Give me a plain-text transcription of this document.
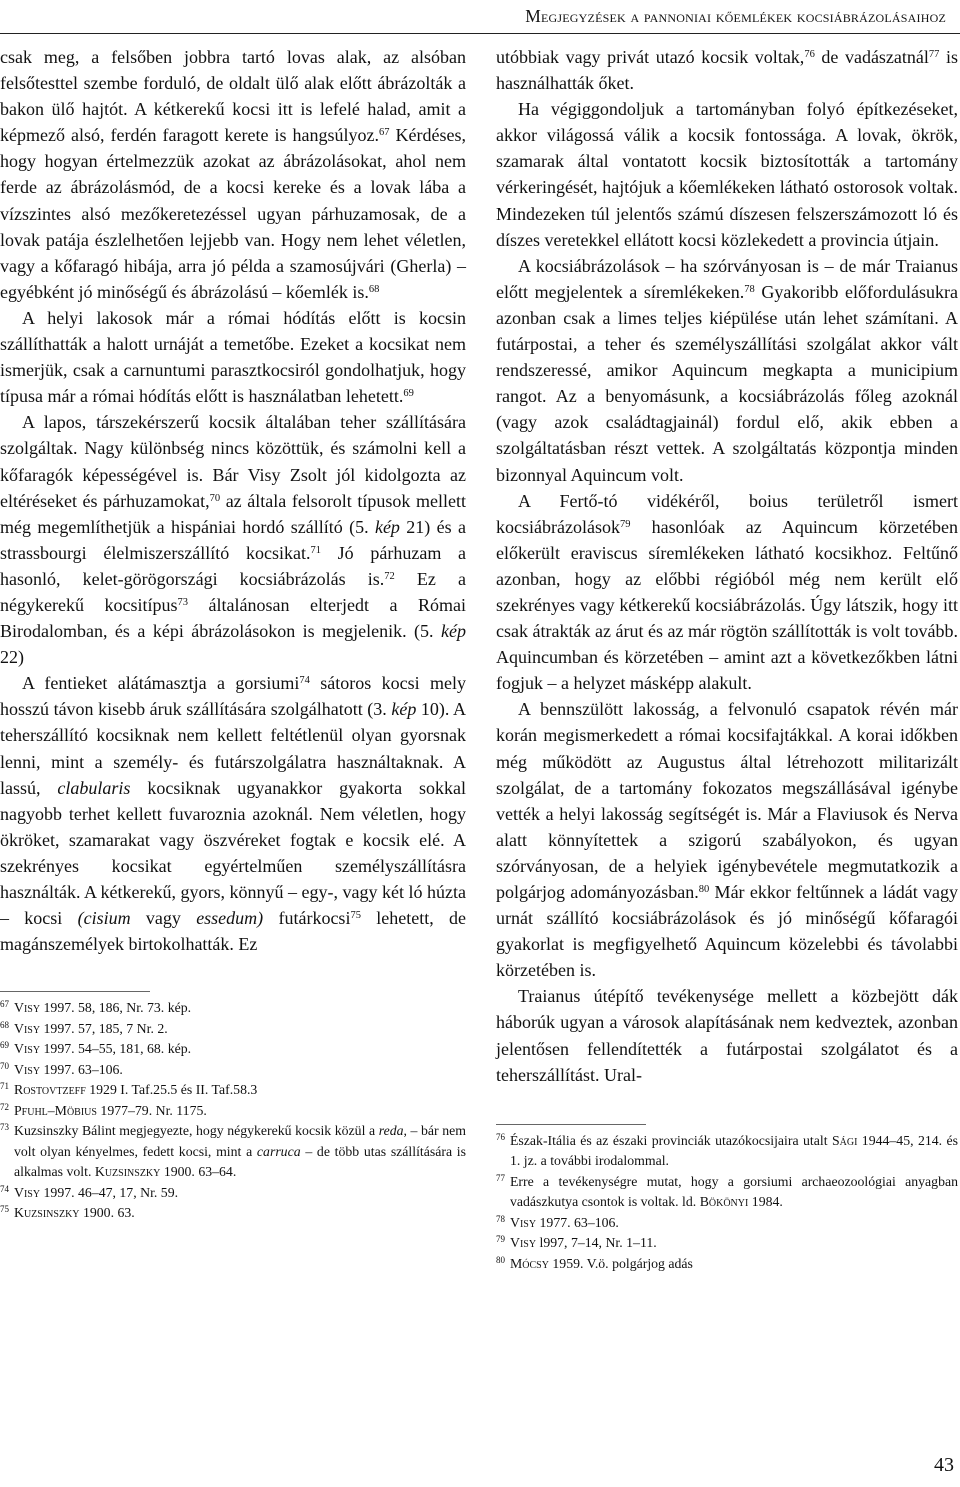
Megjegyzések a pannoniai kőemlékek kocsiábrázolásaihoz

csak meg, a felsőben jobbra tartó lovas alak, az alsóban felsőtesttel szembe forduló, de oldalt ülő alak előtt ábrázolták a bakon ülő hajtót. A kétkerekű kocsi itt is lefelé halad, amit a képmező alsó, ferdén faragott kerete is hangsúlyoz.$^{67}$ Kérdéses, hogy hogyan értelmezzük azokat az ábrázolásokat, ahol nem ferde az ábrázolásmód, de a kocsi kereke és a lovak lába a vízszintes alsó mezőkeretezéssel ugyan párhuzamosak, de a lovak patája észlelhetően lejjebb van. Hogy nem lehet véletlen, vagy a kőfaragó hibája, arra jó példa a szamosújvári (Gherla) – egyébként jó minőségű és ábrázolású – kőemlék is.$^{68}$

A helyi lakosok már a római hódítás előtt is kocsin szállíthatták a halott urnáját a temetőbe. Ezeket a kocsikat nem ismerjük, csak a carnuntumi parasztkocsiról gondolhatjuk, hogy típusa már a római hódítás előtt is használatban lehetett.$^{69}$

A lapos, társzekérszerű kocsik általában teher szállítására szolgáltak. Nagy különbség nincs közöttük, és számolni kell a kőfaragók képességével is. Bár Visy Zsolt jól kidolgozta az eltéréseket és párhuzamokat,$^{70}$ az általa felsorolt típusok mellett még megemlíthetjük a hispániai hordó szállító (5. kép 21) és a strassbourgi élelmiszerszállító kocsikat.$^{71}$ Jó párhuzam a hasonló, kelet-görögországi kocsiábrázolás is.$^{72}$ Ez a négykerekű kocsitípus$^{73}$ általánosan elterjedt a Római Birodalomban, és a képi ábrázolásokon is megjelenik. (5. kép 22)

A fentieket alátámasztja a gorsiumi$^{74}$ sátoros kocsi mely hosszú távon kisebb áruk szállítására szolgálhatott (3. kép 10). A teherszállító kocsiknak nem kellett feltétlenül olyan gyorsnak lenni, mint a személy- és futárszolgálatra használtaknak. A lassú, clabularis kocsiknak ugyanakkor gyakorta sokkal nagyobb terhet kellett fuvaroznia azoknál. Nem véletlen, hogy ökröket, szamarakat vagy öszvéreket fogtak e kocsik elé. A szekrényes kocsikat egyértelműen személyszállításra használták. A kétkerekű, gyors, könnyű – egy-, vagy két ló húzta – kocsi (cisium vagy essedum) futárkocsi$^{75}$ lehetett, de magánszemélyek birtokolhatták. Ez

67 Visy 1997. 58, 186, Nr. 73. kép.
68 Visy 1997. 57, 185, 7 Nr. 2.
69 Visy 1997. 54–55, 181, 68. kép.
70 Visy 1997. 63–106.
71 Rostovtzeff 1929 I. Taf.25.5 és II. Taf.58.3
72 Pfuhl–Möbius 1977–79. Nr. 1175.
73 Kuzsinszky Bálint megjegyezte, hogy négykerekű kocsik közül a reda, – bár nem volt olyan kényelmes, fedett kocsi, mint a carruca – de több utas szállítására is alkalmas volt. Kuzsinszky 1900. 63–64.
74 Visy 1997. 46–47, 17, Nr. 59.
75 Kuzsinszky 1900. 63.

utóbbiak vagy privát utazó kocsik voltak,$^{76}$ de vadászatnál$^{77}$ is használhatták őket.

Ha végiggondoljuk a tartományban folyó építkezéseket, akkor világossá válik a kocsik fontossága. A lovak, ökrök, szamarak által vontatott kocsik biztosították a tartomány vérkeringését, hajtójuk a kőemlékeken látható ostorosok voltak. Mindezeken túl jelentős számú díszesen felszerszámozott ló és díszes veretekkel ellátott kocsi közlekedett a provincia útjain.

A kocsiábrázolások – ha szórványosan is – de már Traianus előtt megjelentek a síremlékeken.$^{78}$ Gyakoribb előfordulásukra azonban csak a limes teljes kiépülése után lehet számítani. A futárpostai, a teher és személyszállítási szolgálat akkor vált rendszeressé, amikor Aquincum megkapta a municipium rangot. Az a benyomásunk, a kocsiábrázolás főleg azoknál (vagy azok családtagjainál) fordul elő, akik ebben a szolgáltatásban részt vettek. A szolgáltatás központja minden bizonnyal Aquincum volt.

A Fertő-tó vidékéről, boius területről ismert kocsiábrázolások$^{79}$ hasonlóak az Aquincum körzetében előkerült eraviscus síremlékeken látható kocsikhoz. Feltűnő azonban, hogy az előbbi régióból még nem került elő szekrényes vagy kétkerekű kocsiábrázolás. Úgy látszik, hogy itt csak átrakták az árut és az már rögtön szállították is volt tovább. Aquincumban és körzetében – amint azt a következőkben látni fogjuk – a helyzet másképp alakult.

A bennszülött lakosság, a felvonuló csapatok révén már korán megismerkedett a római kocsifajtákkal. A korai időkben még működött az Augustus által létrehozott militarizált szolgálat, de a tartomány fokozatos megszállásával igénybe vették a helyi lakosság segítségét is. Már a Flaviusok és Nerva alatt könnyítettek a szigorú szabályokon, és ugyan szórványosan, de a helyiek igénybevétele megmutatkozik a polgárjog adományozásban.$^{80}$ Már ekkor feltűnnek a ládát vagy urnát szállító kocsiábrázolások és jó minőségű kőfaragói gyakorlat is megfigyelhető Aquincum közelebbi és távolabbi körzetében is.

Traianus útépítő tevékenysége mellett a közbejött dák háborúk ugyan a városok alapításának nem kedveztek, azonban jelentősen fellendítették a futárpostai szolgálatot és a teherszállítást. Ural-

76 Észak-Itália és az északi provinciák utazókocsijaira utalt Sági 1944–45, 214. és 1. jz. a további irodalommal.
77 Erre a tevékenységre mutat, hogy a gorsiumi archaeozoológiai anyagban vadászkutya csontok is voltak. ld. Bökönyi 1984.
78 Visy 1977. 63–106.
79 Visy l997, 7–14, Nr. 1–11.
80 Mócsy 1959. V.ö. polgárjog adás
43
